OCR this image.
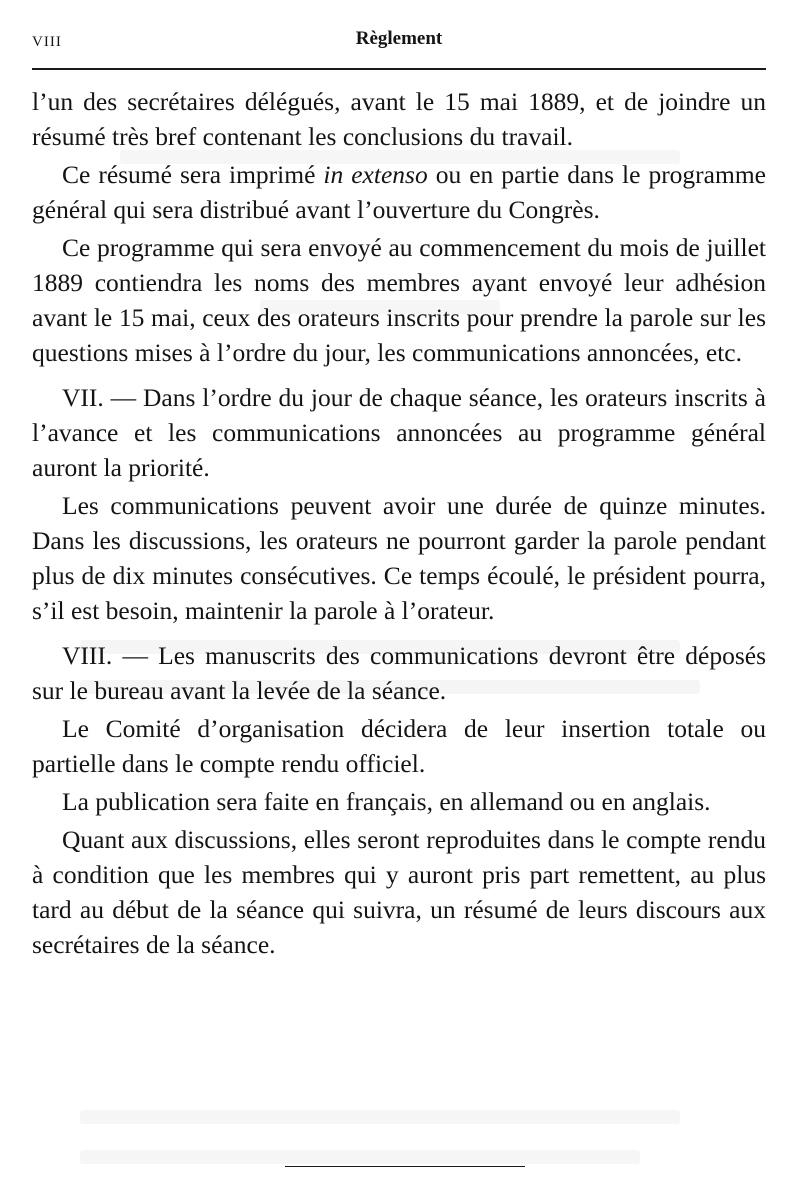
VIII	Règlement

l’un des secrétaires délégués, avant le 15 mai 1889, et de joindre un résumé très bref contenant les conclusions du travail.

Ce résumé sera imprimé in extenso ou en partie dans le programme général qui sera distribué avant l’ouverture du Congrès.

Ce programme qui sera envoyé au commencement du mois de juillet 1889 contiendra les noms des membres ayant envoyé leur adhésion avant le 15 mai, ceux des orateurs inscrits pour prendre la parole sur les questions mises à l’ordre du jour, les communications annoncées, etc.

VII. — Dans l’ordre du jour de chaque séance, les orateurs inscrits à l’avance et les communications annoncées au programme général auront la priorité.

Les communications peuvent avoir une durée de quinze minutes. Dans les discussions, les orateurs ne pourront garder la parole pendant plus de dix minutes consécutives. Ce temps écoulé, le président pourra, s’il est besoin, maintenir la parole à l’orateur.

VIII. — Les manuscrits des communications devront être déposés sur le bureau avant la levée de la séance.

Le Comité d’organisation décidera de leur insertion totale ou partielle dans le compte rendu officiel.

La publication sera faite en français, en allemand ou en anglais.

Quant aux discussions, elles seront reproduites dans le compte rendu à condition que les membres qui y auront pris part remettent, au plus tard au début de la séance qui suivra, un résumé de leurs discours aux secrétaires de la séance.
